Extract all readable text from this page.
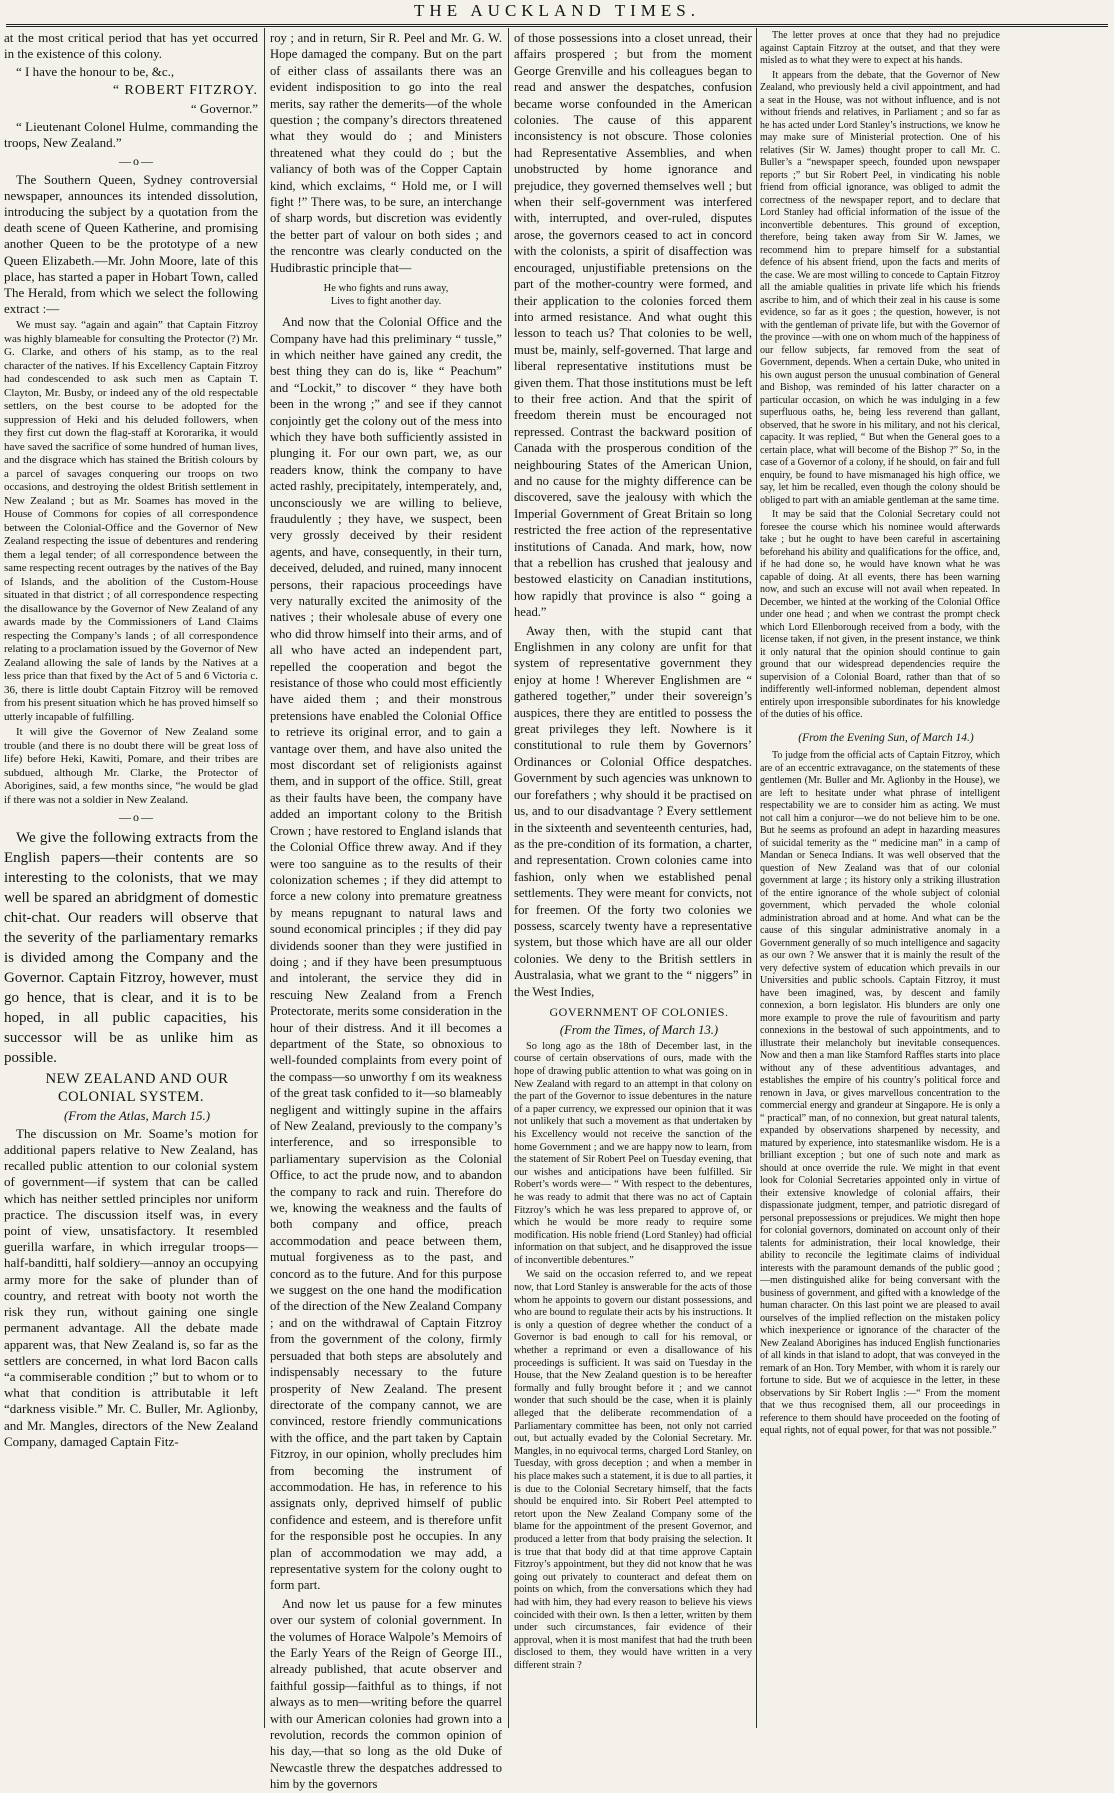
THE AUCKLAND TIMES.

at the most critical period that has yet occurred in the existence of this colony.

“ I have the honour to be, &c.,

“ ROBERT FITZROY.

“ Governor.”

“ Lieutenant Colonel Hulme, commanding the troops, New Zealand.”

—o—

The Southern Queen, Sydney controversial newspaper, announces its intended dissolution, introducing the subject by a quotation from the death scene of Queen Katherine, and promising another Queen to be the prototype of a new Queen Elizabeth.—Mr. John Moore, late of this place, has started a paper in Hobart Town, called The Herald, from which we select the following extract :—

We must say. “again and again” that Captain Fitzroy was highly blameable for consulting the Protector (?) Mr. G. Clarke, and others of his stamp, as to the real character of the natives. If his Excellency Captain Fitzroy had condescended to ask such men as Captain T. Clayton, Mr. Busby, or indeed any of the old respectable settlers, on the best course to be adopted for the suppression of Heki and his deluded followers, when they first cut down the flag-staff at Kororarika, it would have saved the sacrifice of some hundred of human lives, and the disgrace which has stained the British colours by a parcel of savages conquering our troops on two occasions, and destroying the oldest British settlement in New Zealand ; but as Mr. Soames has moved in the House of Commons for copies of all correspondence between the Colonial-Office and the Governor of New Zealand respecting the issue of debentures and rendering them a legal tender; of all correspondence between the same respecting recent outrages by the natives of the Bay of Islands, and the abolition of the Custom-House situated in that district ; of all correspondence respecting the disallowance by the Governor of New Zealand of any awards made by the Commissioners of Land Claims respecting the Company’s lands ; of all correspondence relating to a proclamation issued by the Governor of New Zealand allowing the sale of lands by the Natives at a less price than that fixed by the Act of 5 and 6 Victoria c. 36, there is little doubt Captain Fitzroy will be removed from his present situation which he has proved himself so utterly incapable of fulfilling.

It will give the Governor of New Zealand some trouble (and there is no doubt there will be great loss of life) before Heki, Kawiti, Pomare, and their tribes are subdued, although Mr. Clarke, the Protector of Aborigines, said, a few months since, “he would be glad if there was not a soldier in New Zealand.

—o—

We give the following extracts from the English papers—their contents are so interesting to the colonists, that we may well be spared an abridgment of domestic chit-chat. Our readers will observe that the severity of the parliamentary remarks is divided among the Company and the Governor. Captain Fitzroy, however, must go hence, that is clear, and it is to be hoped, in all public capacities, his successor will be as unlike him as possible.

NEW ZEALAND AND OUR COLONIAL SYSTEM.

(From the Atlas, March 15.)

The discussion on Mr. Soame’s motion for additional papers relative to New Zealand, has recalled public attention to our colonial system of government—if system that can be called which has neither settled principles nor uniform practice. The discussion itself was, in every point of view, unsatisfactory. It resembled guerilla warfare, in which irregular troops—half-banditti, half soldiery—annoy an occupying army more for the sake of plunder than of country, and retreat with booty not worth the risk they run, without gaining one single permanent advantage. All the debate made apparent was, that New Zealand is, so far as the settlers are concerned, in what lord Bacon calls “a commiserable condition ;” but to whom or to what that condition is attributable it left “darkness visible.” Mr. C. Buller, Mr. Aglionby, and Mr. Mangles, directors of the New Zealand Company, damaged Captain Fitz-

roy ; and in return, Sir R. Peel and Mr. G. W. Hope damaged the company. But on the part of either class of assailants there was an evident indisposition to go into the real merits, say rather the demerits—of the whole question ; the company’s directors threatened what they would do ; and Ministers threatened what they could do ; but the valiancy of both was of the Copper Captain kind, which exclaims, “ Hold me, or I will fight !” There was, to be sure, an interchange of sharp words, but discretion was evidently the better part of valour on both sides ; and the rencontre was clearly conducted on the Hudibrastic principle that—

He who fights and runs away,
Lives to fight another day.

And now that the Colonial Office and the Company have had this preliminary “ tussle,” in which neither have gained any credit, the best thing they can do is, like “ Peachum” and “Lockit,” to discover “ they have both been in the wrong ;” and see if they cannot conjointly get the colony out of the mess into which they have both sufficiently assisted in plunging it. For our own part, we, as our readers know, think the company to have acted rashly, precipitately, intemperately, and, unconsciously we are willing to believe, fraudulently ; they have, we suspect, been very grossly deceived by their resident agents, and have, consequently, in their turn, deceived, deluded, and ruined, many innocent persons, their rapacious proceedings have very naturally excited the animosity of the natives ; their wholesale abuse of every one who did throw himself into their arms, and of all who have acted an independent part, repelled the cooperation and begot the resistance of those who could most efficiently have aided them ; and their monstrous pretensions have enabled the Colonial Office to retrieve its original error, and to gain a vantage over them, and have also united the most discordant set of religionists against them, and in support of the office. Still, great as their faults have been, the company have added an important colony to the British Crown ; have restored to England islands that the Colonial Office threw away. And if they were too sanguine as to the results of their colonization schemes ; if they did attempt to force a new colony into premature greatness by means repugnant to natural laws and sound economical principles ; if they did pay dividends sooner than they were justified in doing ; and if they have been presumptuous and intolerant, the service they did in rescuing New Zealand from a French Protectorate, merits some consideration in the hour of their distress. And it ill becomes a department of the State, so obnoxious to well-founded complaints from every point of the compass—so unworthy f om its weakness of the great task confided to it—so blameably negligent and wittingly supine in the affairs of New Zealand, previously to the company’s interference, and so irresponsible to parliamentary supervision as the Colonial Office, to act the prude now, and to abandon the company to rack and ruin. Therefore do we, knowing the weakness and the faults of both company and office, preach accommodation and peace between them, mutual forgiveness as to the past, and concord as to the future. And for this purpose we suggest on the one hand the modification of the direction of the New Zealand Company ; and on the withdrawal of Captain Fitzroy from the government of the colony, firmly persuaded that both steps are absolutely and indispensably necessary to the future prosperity of New Zealand. The present directorate of the company cannot, we are convinced, restore friendly communications with the office, and the part taken by Captain Fitzroy, in our opinion, wholly precludes him from becoming the instrument of accommodation. He has, in reference to his assignats only, deprived himself of public confidence and esteem, and is therefore unfit for the responsible post he occupies. In any plan of accommodation we may add, a representative system for the colony ought to form part.

And now let us pause for a few minutes over our system of colonial government. In the volumes of Horace Walpole’s Memoirs of the Early Years of the Reign of George III., already published, that acute observer and faithful gossip—faithful as to things, if not always as to men—writing before the quarrel with our American colonies had grown into a revolution, records the common opinion of his day,—that so long as the old Duke of Newcastle threw the despatches addressed to him by the governors

of those possessions into a closet unread, their affairs prospered ; but from the moment George Grenville and his colleagues began to read and answer the despatches, confusion became worse confounded in the American colonies. The cause of this apparent inconsistency is not obscure. Those colonies had Representative Assemblies, and when unobstructed by home ignorance and prejudice, they governed themselves well ; but when their self-government was interfered with, interrupted, and over-ruled, disputes arose, the governors ceased to act in concord with the colonists, a spirit of disaffection was encouraged, unjustifiable pretensions on the part of the mother-country were formed, and their application to the colonies forced them into armed resistance. And what ought this lesson to teach us? That colonies to be well, must be, mainly, self-governed. That large and liberal representative institutions must be given them. That those institutions must be left to their free action. And that the spirit of freedom therein must be encouraged not repressed. Contrast the backward position of Canada with the prosperous condition of the neighbouring States of the American Union, and no cause for the mighty difference can be discovered, save the jealousy with which the Imperial Government of Great Britain so long restricted the free action of the representative institutions of Canada. And mark, how, now that a rebellion has crushed that jealousy and bestowed elasticity on Canadian institutions, how rapidly that province is also “ going a head.”

Away then, with the stupid cant that Englishmen in any colony are unfit for that system of representative government they enjoy at home ! Wherever Englishmen are “ gathered together,” under their sovereign’s auspices, there they are entitled to possess the great privileges they left. Nowhere is it constitutional to rule them by Governors’ Ordinances or Colonial Office despatches. Government by such agencies was unknown to our forefathers ; why should it be practised on us, and to our disadvantage ? Every settlement in the sixteenth and seventeenth centuries, had, as the pre-condition of its formation, a charter, and representation. Crown colonies came into fashion, only when we established penal settlements. They were meant for convicts, not for freemen. Of the forty two colonies we possess, scarcely twenty have a representative system, but those which have are all our older colonies. We deny to the British settlers in Australasia, what we grant to the “ niggers” in the West Indies,

GOVERNMENT OF COLONIES.

(From the Times, of March 13.)

So long ago as the 18th of December last, in the course of certain observations of ours, made with the hope of drawing public attention to what was going on in New Zealand with regard to an attempt in that colony on the part of the Governor to issue debentures in the nature of a paper currency, we expressed our opinion that it was not unlikely that such a movement as that undertaken by his Excellency would not receive the sanction of the home Government ; and we are happy now to learn, from the statement of Sir Robert Peel on Tuesday evening, that our wishes and anticipations have been fulfilled. Sir Robert’s words were— “ With respect to the debentures, he was ready to admit that there was no act of Captain Fitzroy’s which he was less prepared to approve of, or which he would be more ready to require some modification. His noble friend (Lord Stanley) had official information on that subject, and he disapproved the issue of inconvertible debentures.”

We said on the occasion referred to, and we repeat now, that Lord Stanley is answerable for the acts of those whom he appoints to govern our distant possessions, and who are bound to regulate their acts by his instructions. It is only a question of degree whether the conduct of a Governor is bad enough to call for his removal, or whether a reprimand or even a disallowance of his proceedings is sufficient. It was said on Tuesday in the House, that the New Zealand question is to be hereafter formally and fully brought before it ; and we cannot wonder that such should be the case, when it is plainly alleged that the deliberate recommendation of a Parliamentary committee has been, not only not carried out, but actually evaded by the Colonial Secretary. Mr. Mangles, in no equivocal terms, charged Lord Stanley, on Tuesday, with gross deception ; and when a member in his place makes such a statement, it is due to all parties, it is due to the Colonial Secretary himself, that the facts should be enquired into. Sir Robert Peel attempted to retort upon the New Zealand Company some of the blame for the appointment of the present Governor, and produced a letter from that body praising the selection. It is true that that body did at that time approve Captain Fitzroy’s appointment, but they did not know that he was going out privately to counteract and defeat them on points on which, from the conversations which they had had with him, they had every reason to believe his views coincided with their own. Is then a letter, written by them under such circumstances, fair evidence of their approval, when it is most manifest that had the truth been disclosed to them, they would have written in a very different strain ?

The letter proves at once that they had no prejudice against Captain Fitzroy at the outset, and that they were misled as to what they were to expect at his hands.

It appears from the debate, that the Governor of New Zealand, who previously held a civil appointment, and had a seat in the House, was not without influence, and is not without friends and relatives, in Parliament ; and so far as he has acted under Lord Stanley’s instructions, we know he may make sure of Ministerial protection. One of his relatives (Sir W. James) thought proper to call Mr. C. Buller’s a “newspaper speech, founded upon newspaper reports ;” but Sir Robert Peel, in vindicating his noble friend from official ignorance, was obliged to admit the correctness of the newspaper report, and to declare that Lord Stanley had official information of the issue of the inconvertible debentures. This ground of exception, therefore, being taken away from Sir W. James, we recommend him to prepare himself for a substantial defence of his absent friend, upon the facts and merits of the case. We are most willing to concede to Captain Fitzroy all the amiable qualities in private life which his friends ascribe to him, and of which their zeal in his cause is some evidence, so far as it goes ; the question, however, is not with the gentleman of private life, but with the Governor of the province —with one on whom much of the happiness of our fellow subjects, far removed from the seat of Government, depends. When a certain Duke, who united in his own august person the unusual combination of General and Bishop, was reminded of his latter character on a particular occasion, on which he was indulging in a few superfluous oaths, he, being less reverend than gallant, observed, that he swore in his military, and not his clerical, capacity. It was replied, “ But when the General goes to a certain place, what will become of the Bishop ?” So, in the case of a Governor of a colony, if he should, on fair and full enquiry, be found to have mismanaged his high office, we say, let him be recalled, even though the colony should be obliged to part with an amiable gentleman at the same time.

It may be said that the Colonial Secretary could not foresee the course which his nominee would afterwards take ; but he ought to have been careful in ascertaining beforehand his ability and qualifications for the office, and, if he had done so, he would have known what he was capable of doing. At all events, there has been warning now, and such an excuse will not avail when repeated. In December, we hinted at the working of the Colonial Office under one head ; and when we contrast the prompt check which Lord Ellenborough received from a body, with the license taken, if not given, in the present instance, we think it only natural that the opinion should continue to gain ground that our widespread dependencies require the supervision of a Colonial Board, rather than that of so indifferently well-informed nobleman, dependent almost entirely upon irresponsible subordinates for his knowledge of the duties of his office.

(From the Evening Sun, of March 14.)

To judge from the official acts of Captain Fitzroy, which are of an eccentric extravagance, on the statements of these gentlemen (Mr. Buller and Mr. Aglionby in the House), we are left to hesitate under what phrase of intelligent respectability we are to consider him as acting. We must not call him a conjuror—we do not believe him to be one. But he seems as profound an adept in hazarding measures of suicidal temerity as the “ medicine man” in a camp of Mandan or Seneca Indians. It was well observed that the question of New Zealand was that of our colonial government at large ; its history only a striking illustration of the entire ignorance of the whole subject of colonial government, which pervaded the whole colonial administration abroad and at home. And what can be the cause of this singular administrative anomaly in a Government generally of so much intelligence and sagacity as our own ? We answer that it is mainly the result of the very defective system of education which prevails in our Universities and public schools. Captain Fitzroy, it must have been imagined, was, by descent and family connexion, a born legislator. His blunders are only one more example to prove the rule of favouritism and party connexions in the bestowal of such appointments, and to illustrate their melancholy but inevitable consequences. Now and then a man like Stamford Raffles starts into place without any of these adventitious advantages, and establishes the empire of his country’s political force and renown in Java, or gives marvellous concentration to the commercial energy and grandeur at Singapore. He is only a “ practical” man, of no connexion, but great natural talents, expanded by observations sharpened by necessity, and matured by experience, into statesmanlike wisdom. He is a brilliant exception ; but one of such note and mark as should at once override the rule. We might in that event look for Colonial Secretaries appointed only in virtue of their extensive knowledge of colonial affairs, their dispassionate judgment, temper, and patriotic disregard of personal prepossessions or prejudices. We might then hope for colonial governors, dominated on account only of their talents for administration, their local knowledge, their ability to reconcile the legitimate claims of individual interests with the paramount demands of the public good ;—men distinguished alike for being conversant with the business of government, and gifted with a knowledge of the human character. On this last point we are pleased to avail ourselves of the implied reflection on the mistaken policy which inexperience or ignorance of the character of the New Zealand Aborigines has induced English functionaries of all kinds in that island to adopt, that was conveyed in the remark of an Hon. Tory Member, with whom it is rarely our fortune to side. But we of acquiesce in the letter, in these observations by Sir Robert Inglis :—“ From the moment that we thus recognised them, all our proceedings in reference to them should have proceeded on the footing of equal rights, not of equal power, for that was not possible.”
